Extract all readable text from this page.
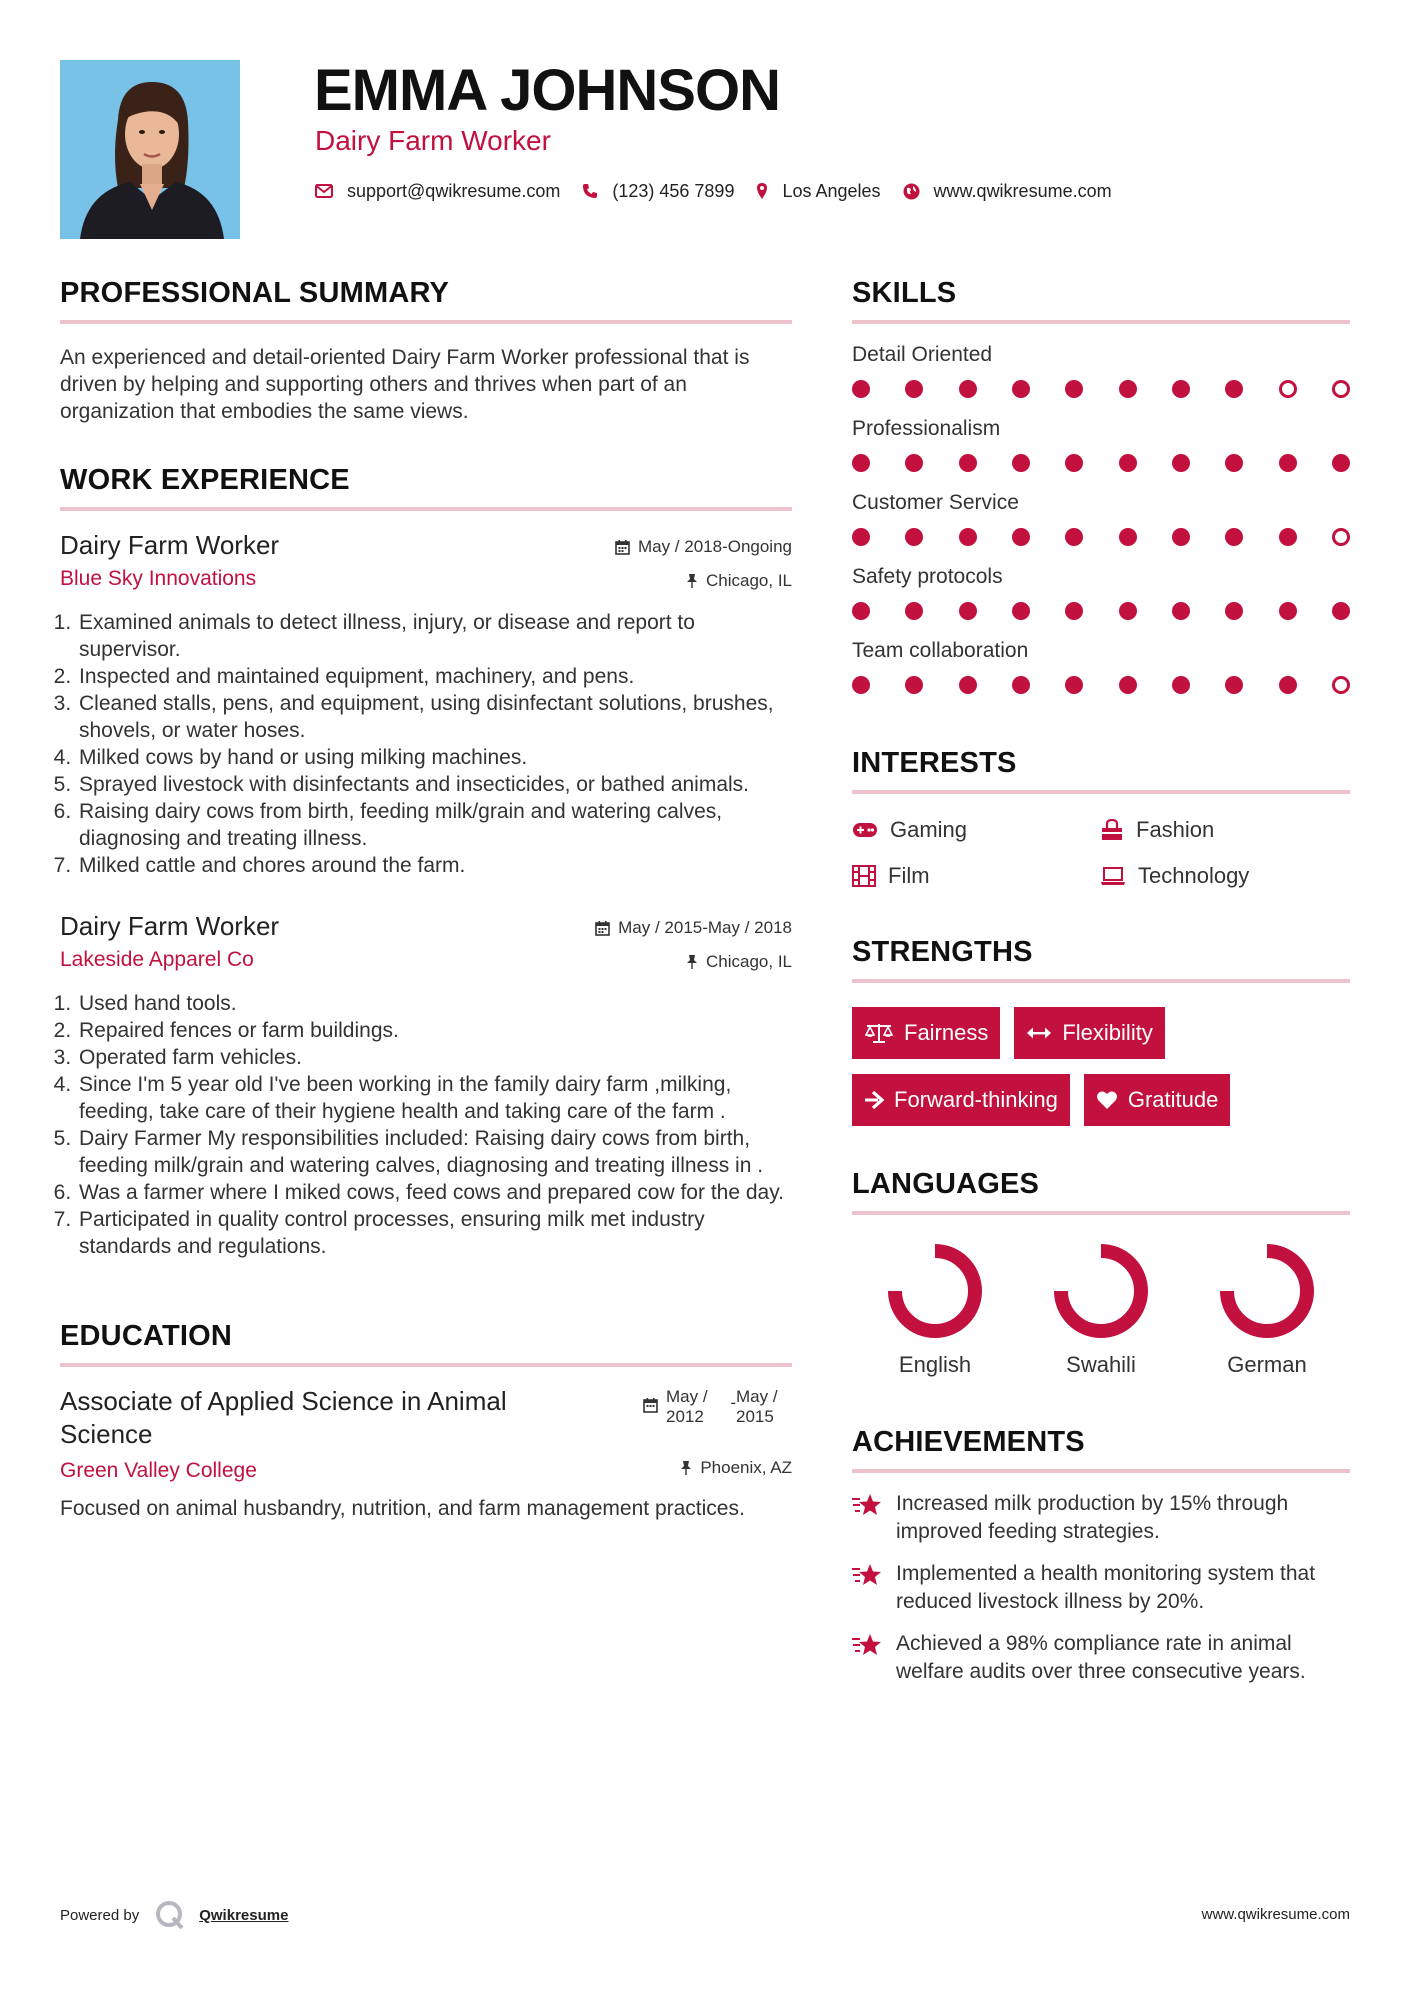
EMMA JOHNSON
Dairy Farm Worker
support@qwikresume.com	(123) 456 7899	Los Angeles	www.qwikresume.com
PROFESSIONAL SUMMARY

An experienced and detail-oriented Dairy Farm Worker professional that is driven by helping and supporting others and thrives when part of an organization that embodies the same views.

WORK EXPERIENCE
Dairy Farm Worker
Blue Sky Innovations
May / 2018-Ongoing
Chicago, IL
1. Examined animals to detect illness, injury, or disease and report to supervisor.
2. Inspected and maintained equipment, machinery, and pens.
3. Cleaned stalls, pens, and equipment, using disinfectant solutions, brushes, shovels, or water hoses.
4. Milked cows by hand or using milking machines.
5. Sprayed livestock with disinfectants and insecticides, or bathed animals.
6. Raising dairy cows from birth, feeding milk/grain and watering calves, diagnosing and treating illness.
7. Milked cattle and chores around the farm.
Dairy Farm Worker
Lakeside Apparel Co
May / 2015-May / 2018
Chicago, IL
1. Used hand tools.
2. Repaired fences or farm buildings.
3. Operated farm vehicles.
4. Since I'm 5 year old I've been working in the family dairy farm ,milking, feeding, take care of their hygiene health and taking care of the farm .
5. Dairy Farmer My responsibilities included: Raising dairy cows from birth, feeding milk/grain and watering calves, diagnosing and treating illness in .
6. Was a farmer where I miked cows, feed cows and prepared cow for the day.
7. Participated in quality control processes, ensuring milk met industry standards and regulations.
EDUCATION
Associate of Applied Science in Animal Science
Green Valley College
May / 2012
- May / 2015
Phoenix, AZ

Focused on animal husbandry, nutrition, and farm management practices.

SKILLS
Detail Oriented
Professionalism
Customer Service
Safety protocols
Team collaboration
INTERESTS
Gaming	Fashion
Film	Technology
STRENGTHS
Fairness	Flexibility
Forward-thinking	Gratitude
LANGUAGES
English	Swahili	German
ACHIEVEMENTS
Increased milk production by 15% through improved feeding strategies.
Implemented a health monitoring system that reduced livestock illness by 20%.
Achieved a 98% compliance rate in animal welfare audits over three consecutive years.
Powered by	Qwikresume	www.qwikresume.com
